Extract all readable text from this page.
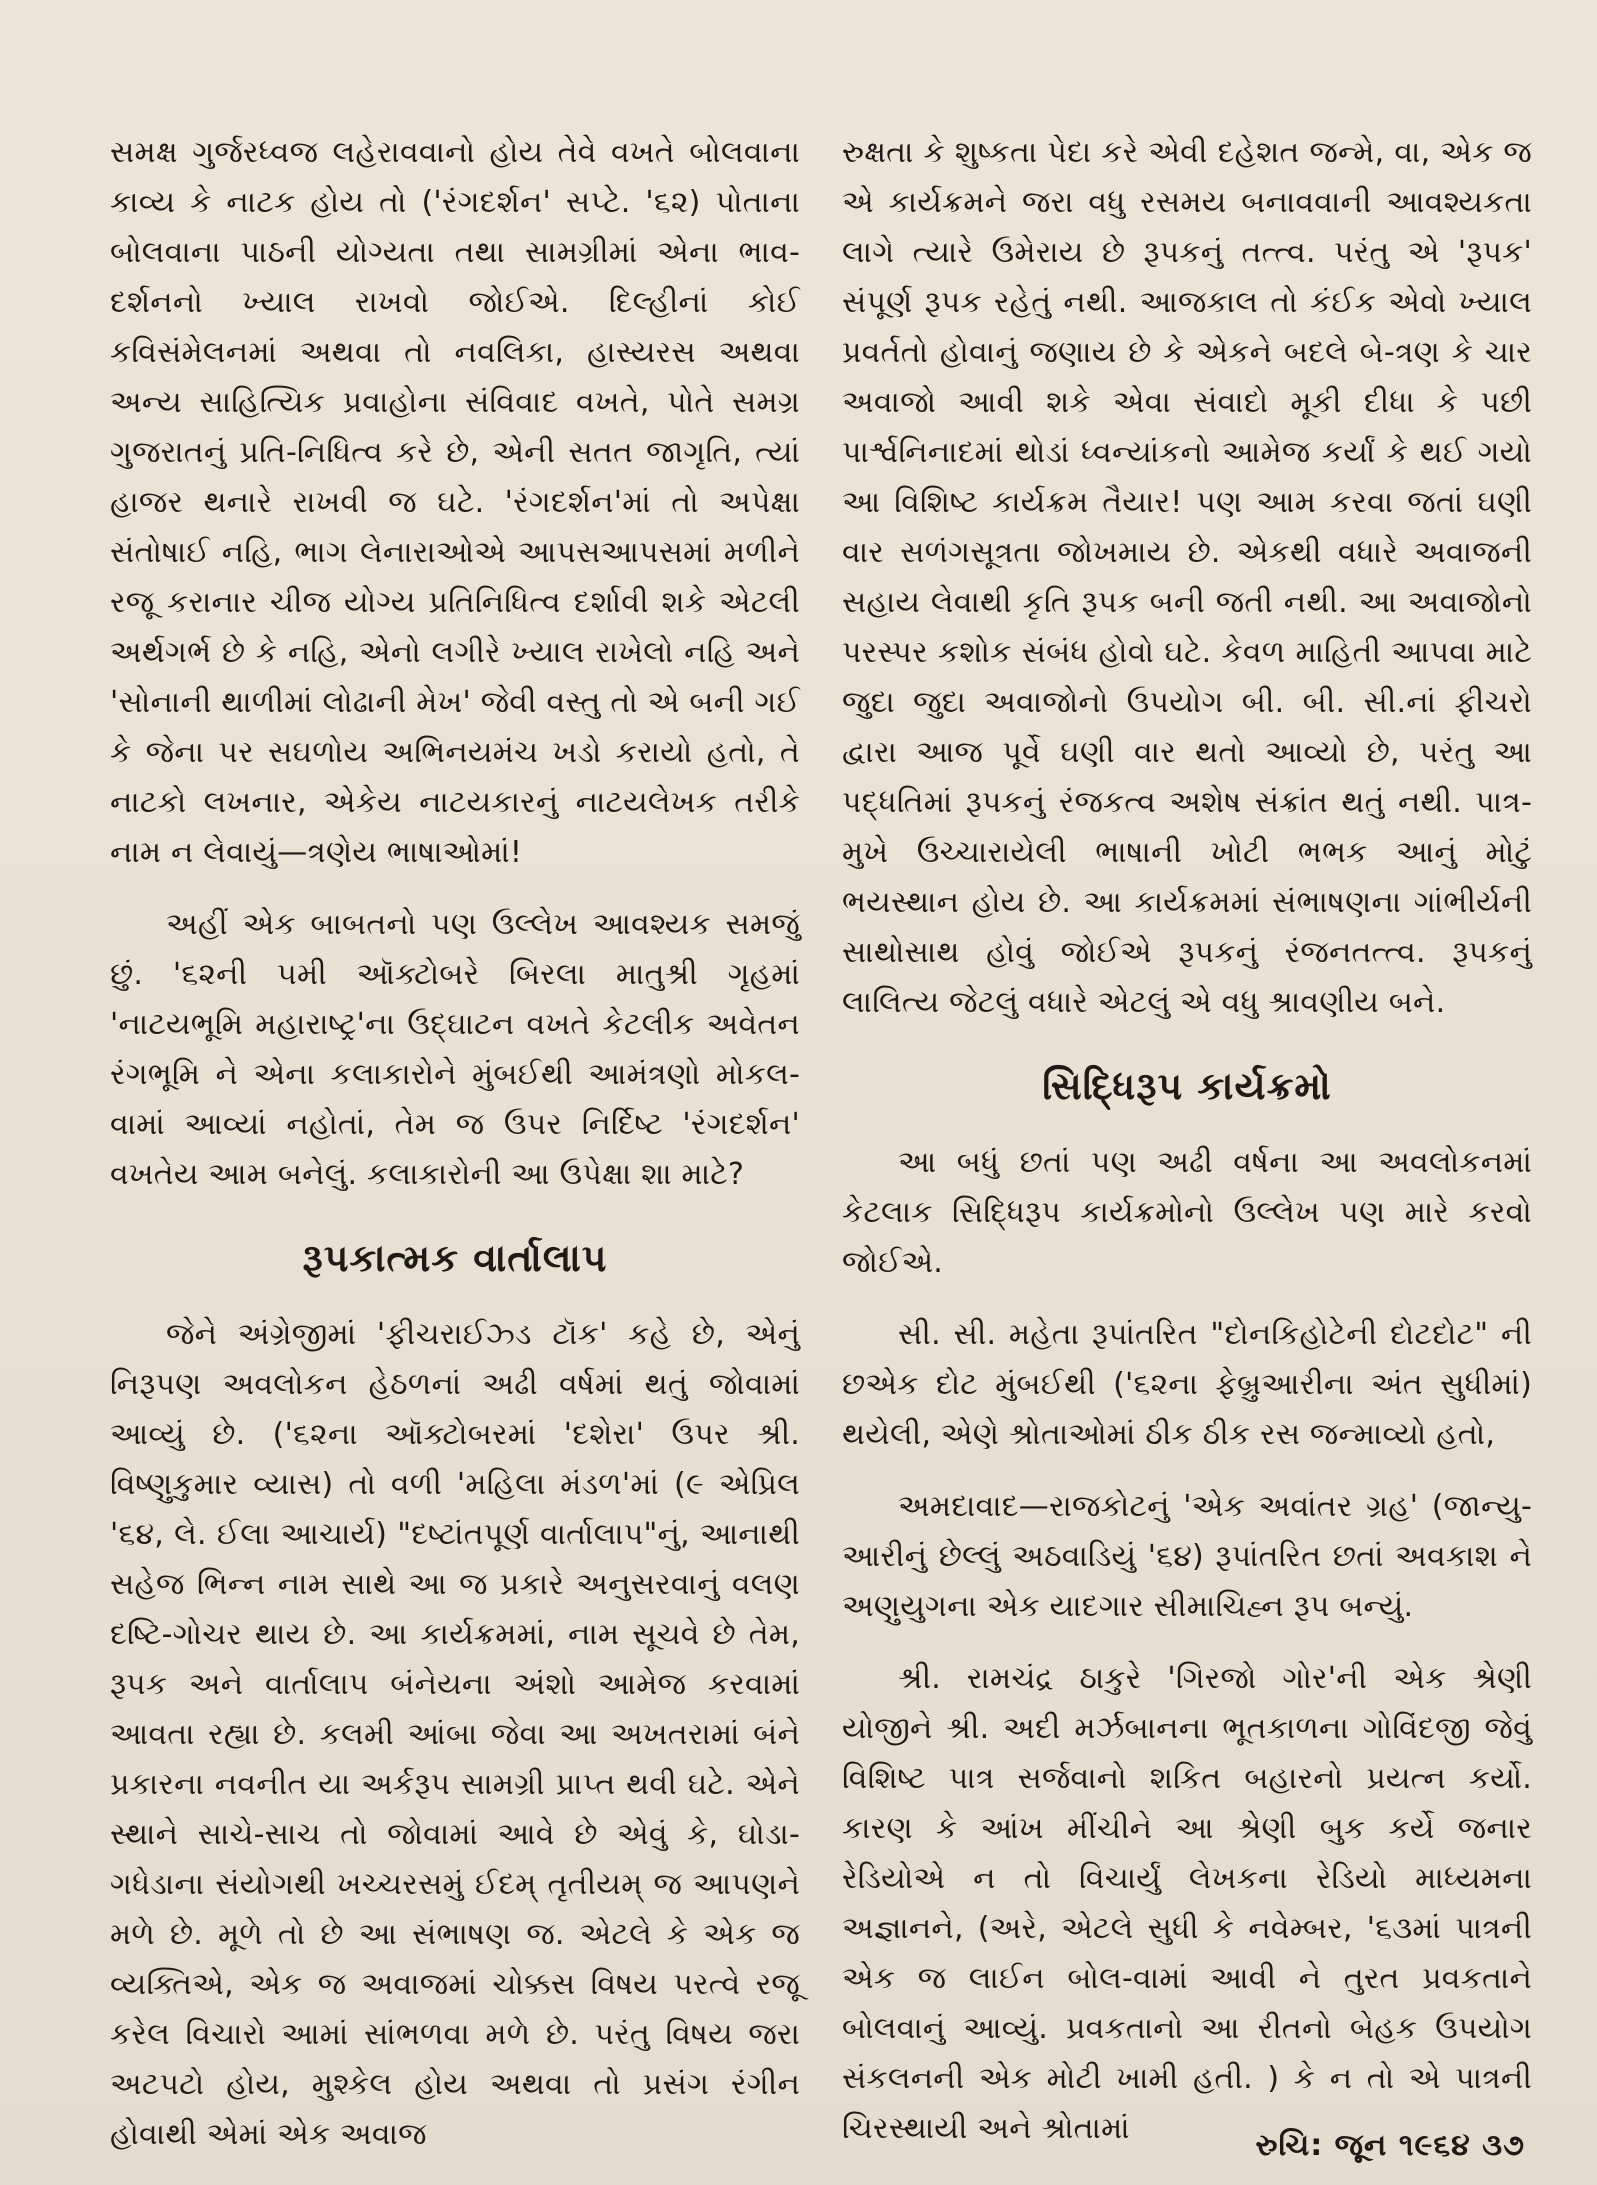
સમક્ષ ગુર્જરધ્વજ લહેરાવવાનો હોય તેવે વખતે બોલવાના કાવ્ય કે નાટક હોય તો ('રંગદર્શન' સપ્ટે. '૬૨) પોતાના બોલવાના પાઠની યોગ્યતા તથા સામગ્રીમાં એના ભાવ-દર્શનનો ખ્યાલ રાખવો જોઈએ. દિલ્હીનાં કોઈ કવિસંમેલનમાં અથવા તો નવલિકા, હાસ્યરસ અથવા અન્ય સાહિત્યિક પ્રવાહોના સંવિવાદ વખતે, પોતે સમગ્ર ગુજરાતનું પ્રતિ-નિધિત્વ કરે છે, એની સતત જાગૃતિ, ત્યાં હાજર થનારે રાખવી જ ઘટે. 'રંગદર્શન'માં તો અપેક્ષા સંતોષાઈ નહિ, ભાગ લેનારાઓએ આપસઆપસમાં મળીને રજૂ કરાનાર ચીજ યોગ્ય પ્રતિનિધિત્વ દર્શાવી શકે એટલી અર્થગર્ભ છે કે નહિ, એનો લગીરે ખ્યાલ રાખેલો નહિ અને 'સોનાની થાળીમાં લોઢાની મેખ' જેવી વસ્તુ તો એ બની ગઈ કે જેના પર સઘળોય અભિનયમંચ ખડો કરાયો હતો, તે નાટકો લખનાર, એકેય નાટયકારનું નાટયલેખક તરીકે નામ ન લેવાયું—ત્રણેય ભાષાઓમાં!

અહીં એક બાબતનો પણ ઉલ્લેખ આવશ્યક સમજું છું. '૬૨ની ૫મી ઑક્ટોબરે બિરલા માતુશ્રી ગૃહમાં 'નાટયભૂમિ મહારાષ્ટ્ર'ના ઉદ્‌ઘાટન વખતે કેટલીક અવેતન રંગભૂમિ ને એના કલાકારોને મુંબઈથી આમંત્રણો મોકલ-વામાં આવ્યાં નહોતાં, તેમ જ ઉપર નિર્દિષ્ટ 'રંગદર્શન' વખતેય આમ બનેલું. કલાકારોની આ ઉપેક્ષા શા માટે?

રૂપકાત્મક વાર્તાલાપ

જેને અંગ્રેજીમાં 'ફીચરાઈઝ્ડ ટૉક' કહે છે, એનું નિરૂપણ અવલોકન હેઠળનાં અઢી વર્ષમાં થતું જોવામાં આવ્યું છે. ('૬૨ના ઑક્ટોબરમાં 'દશેરા' ઉપર શ્રી. વિષ્ણુકુમાર વ્યાસ) તો વળી 'મહિલા મંડળ'માં (૯ એપ્રિલ '૬૪, લે. ઈલા આચાર્ય) "દષ્ટાંતપૂર્ણ વાર્તાલાપ"નું, આનાથી સહેજ ભિન્ન નામ સાથે આ જ પ્રકારે અનુસરવાનું વલણ દષ્ટિ-ગોચર થાય છે. આ કાર્યક્રમમાં, નામ સૂચવે છે તેમ, રૂપક અને વાર્તાલાપ બંનેયના અંશો આમેજ કરવામાં આવતા રહ્યા છે. કલમી આંબા જેવા આ અખતરામાં બંને પ્રકારના નવનીત યા અર્કરૂપ સામગ્રી પ્રાપ્ત થવી ઘટે. એને સ્થાને સાચે-સાચ તો જોવામાં આવે છે એવું કે, ઘોડા-ગધેડાના સંયોગથી ખચ્ચરસમું ઈદમ્ તૃતીયમ્ જ આપણને મળે છે. મૂળે તો છે આ સંભાષણ જ. એટલે કે એક જ વ્યક્તિએ, એક જ અવાજમાં ચોક્કસ વિષય પરત્વે રજૂ કરેલ વિચારો આમાં સાંભળવા મળે છે. પરંતુ વિષય જરા અટપટો હોય, મુશ્કેલ હોય અથવા તો પ્રસંગ રંગીન હોવાથી એમાં એક અવાજ

રુક્ષતા કે શુષ્કતા પેદા કરે એવી દહેશત જન્મે, વા, એક જ એ કાર્યક્રમને જરા વધુ રસમય બનાવવાની આવશ્યકતા લાગે ત્યારે ઉમેરાય છે રૂપકનું તત્ત્વ. પરંતુ એ 'રૂપક' સંપૂર્ણ રૂપક રહેતું નથી. આજકાલ તો કંઈક એવો ખ્યાલ પ્રવર્તતો હોવાનું જણાય છે કે એકને બદલે બે-ત્રણ કે ચાર અવાજો આવી શકે એવા સંવાદો મૂકી દીધા કે પછી પાર્શ્વનિનાદમાં થોડાં ધ્વન્યાંકનો આમેજ કર્યાં કે થઈ ગયો આ વિશિષ્ટ કાર્યક્રમ તૈયાર! પણ આમ કરવા જતાં ઘણી વાર સળંગસૂત્રતા જોખમાય છે. એકથી વધારે અવાજની સહાય લેવાથી કૃતિ રૂપક બની જતી નથી. આ અવાજોનો પરસ્પર કશોક સંબંધ હોવો ઘટે. કેવળ માહિતી આપવા માટે જુદા જુદા અવાજોનો ઉપયોગ બી. બી. સી.નાં ફીચરો દ્વારા આજ પૂર્વે ઘણી વાર થતો આવ્યો છે, પરંતુ આ પદ્ધતિમાં રૂપકનું રંજકત્વ અશેષ સંક્રાંત થતું નથી. પાત્ર-મુખે ઉચ્ચારાયેલી ભાષાની ખોટી ભભક આનું મોટું ભયસ્થાન હોય છે. આ કાર્યક્રમમાં સંભાષણના ગાંભીર્યની સાથોસાથ હોવું જોઈએ રૂપકનું રંજનતત્ત્વ. રૂપકનું લાલિત્ય જેટલું વધારે એટલું એ વધુ શ્રાવણીય બને.

સિદ્ધિરૂપ કાર્યક્રમો

આ બધું છતાં પણ અઢી વર્ષના આ અવલોકનમાં કેટલાક સિદ્ધિરૂપ કાર્યક્રમોનો ઉલ્લેખ પણ મારે કરવો જોઈએ.

સી. સી. મહેતા રૂપાંતરિત "દોનકિહોટેની દોટદોટ" ની છએક દોટ મુંબઈથી ('૬૨ના ફેબ્રુઆરીના અંત સુધીમાં) થયેલી, એણે શ્રોતાઓમાં ઠીક ઠીક રસ જન્માવ્યો હતો,

અમદાવાદ—રાજકોટનું 'એક અવાંતર ગ્રહ' (જાન્યુ-આરીનું છેલ્લું અઠવાડિયું '૬૪) રૂપાંતરિત છતાં અવકાશ ને અણુયુગના એક યાદગાર સીમાચિહ્ન રૂપ બન્યું.

શ્રી. રામચંદ્ર ઠાકુરે 'ગિરજો ગોર'ની એક શ્રેણી યોજીને શ્રી. અદી મર્ઝબાનના ભૂતકાળના ગોવિંદજી જેવું વિશિષ્ટ પાત્ર સર્જવાનો શકિત બહારનો પ્રયત્ન કર્યો. કારણ કે આંખ મીંચીને આ શ્રેણી બુક કર્યે જનાર રેડિયોએ ન તો વિચાર્યું લેખકના રેડિયો માધ્યમના અજ્ઞાનને, (અરે, એટલે સુધી કે નવેમ્બર, '૬૩માં પાત્રની એક જ લાઈન બોલ-વામાં આવી ને તુરત પ્રવકતાને બોલવાનું આવ્યું. પ્રવકતાનો આ રીતનો બેહક ઉપયોગ સંકલનની એક મોટી ખામી હતી. ) કે ન તો એ પાત્રની ચિરસ્થાયી અને શ્રોતામાં	રુચિ: જૂન ૧૯૬૪ ૩૭
